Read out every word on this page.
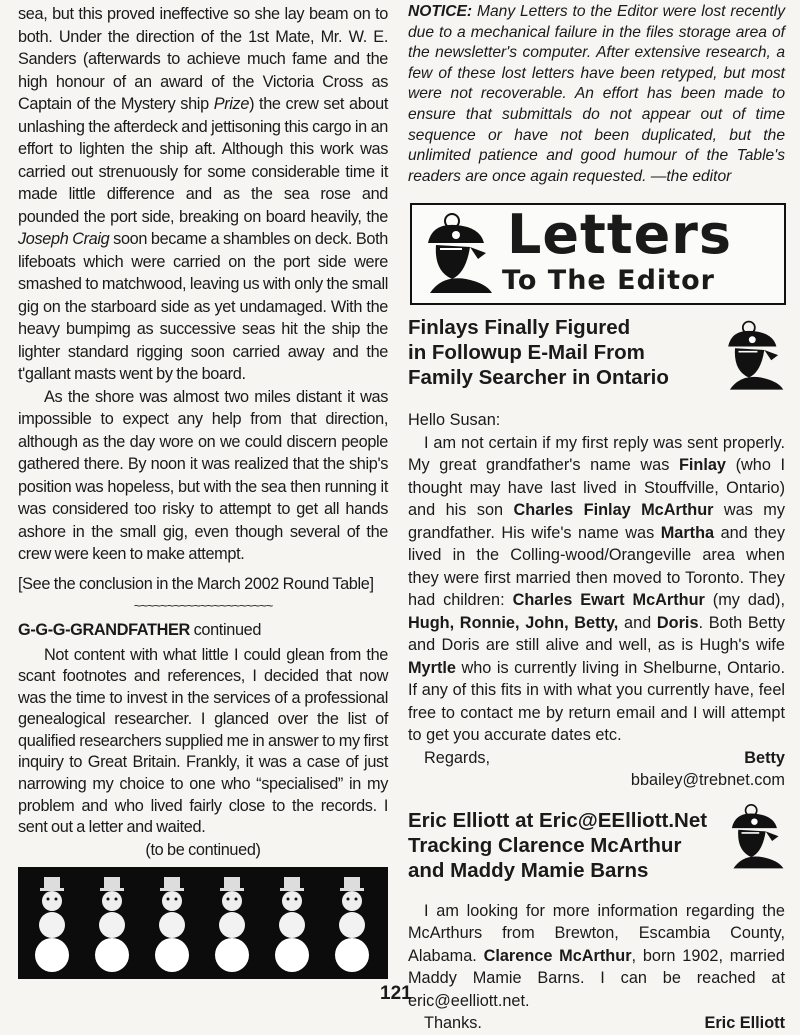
sea, but this proved ineffective so she lay beam on to both. Under the direction of the 1st Mate, Mr. W. E. Sanders (afterwards to achieve much fame and the high honour of an award of the Victoria Cross as Captain of the Mystery ship Prize) the crew set about unlashing the afterdeck and jettisoning this cargo in an effort to lighten the ship aft. Although this work was carried out strenuously for some considerable time it made little difference and as the sea rose and pounded the port side, breaking on board heavily, the Joseph Craig soon became a shambles on deck. Both lifeboats which were carried on the port side were smashed to matchwood, leaving us with only the small gig on the starboard side as yet undamaged. With the heavy bumpimg as successive seas hit the ship the lighter standard rigging soon carried away and the t'gallant masts went by the board.

As the shore was almost two miles distant it was impossible to expect any help from that direction, although as the day wore on we could discern people gathered there. By noon it was realized that the ship's position was hopeless, but with the sea then running it was considered too risky to attempt to get all hands ashore in the small gig, even though several of the crew were keen to make attempt.

[See the conclusion in the March 2002 Round Table]

~~~~~~~~~~~~~~~~~~~~~

G-G-G-GRANDFATHER continued

Not content with what little I could glean from the scant footnotes and references, I decided that now was the time to invest in the services of a professional genealogical researcher. I glanced over the list of qualified researchers supplied me in answer to my first inquiry to Great Britain. Frankly, it was a case of just narrowing my choice to one who “specialised” in my problem and who lived fairly close to the records. I sent out a letter and waited.

(to be continued)

NOTICE: Many Letters to the Editor were lost recently due to a mechanical failure in the files storage area of the newsletter's computer. After extensive research, a few of these lost letters have been retyped, but most were not recoverable. An effort has been made to ensure that submittals do not appear out of time sequence or have not been duplicated, but the unlimited patience and good humour of the Table's readers are once again requested. —the editor

Letters
To The Editor
Finlays Finally Figured
in Followup E-Mail From
Family Searcher in Ontario

Hello Susan:

I am not certain if my first reply was sent properly. My great grandfather's name was Finlay (who I thought may have last lived in Stouffville, Ontario) and his son Charles Finlay McArthur was my grandfather. His wife's name was Martha and they lived in the Colling-wood/Orangeville area when they were first married then moved to Toronto. They had children: Charles Ewart McArthur (my dad), Hugh, Ronnie, John, Betty, and Doris. Both Betty and Doris are still alive and well, as is Hugh's wife Myrtle who is currently living in Shelburne, Ontario. If any of this fits in with what you currently have, feel free to contact me by return email and I will attempt to get you accurate dates etc.

Regards,	Betty

bbailey@trebnet.com

Eric Elliott at Eric@EElliott.Net
Tracking Clarence McArthur
and Maddy Mamie Barns

I am looking for more information regarding the McArthurs from Brewton, Escambia County, Alabama. Clarence McArthur, born 1902, married Maddy Mamie Barns. I can be reached at eric@eelliott.net.

Thanks.	Eric Elliott
121
